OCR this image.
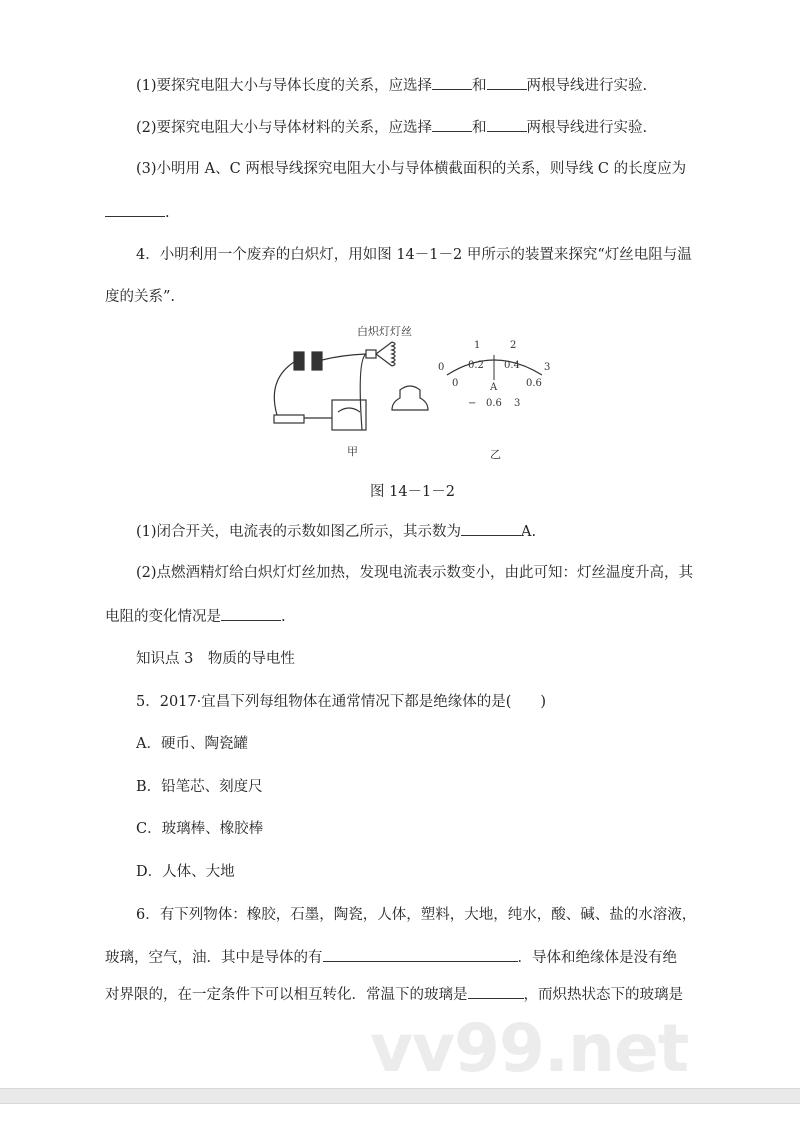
(1)要探究电阻大小与导体长度的关系，应选择	和	两根导线进行实验.
(2)要探究电阻大小与导体材料的关系，应选择	和	两根导线进行实验.
(3)小明用 A、C 两根导线探究电阻大小与导体横截面积的关系，则导线 C 的长度应为
.
4．小明利用一个废弃的白炽灯，用如图 14－1－2 甲所示的装置来探究“灯丝电阻与温
度的关系”.
白炽灯灯丝
甲
0
1	2
3
0
0.2 0.4
0.6
A
− 0.6 3
乙
图 14－1－2
(1)闭合开关，电流表的示数如图乙所示，其示数为	A.
(2)点燃酒精灯给白炽灯灯丝加热，发现电流表示数变小，由此可知：灯丝温度升高，其
电阻的变化情况是	.
知识点 3　物质的导电性
5．2017·宜昌下列每组物体在通常情况下都是绝缘体的是(　　)
A．硬币、陶瓷罐
B．铅笔芯、刻度尺
C．玻璃棒、橡胶棒
D．人体、大地
6．有下列物体：橡胶，石墨，陶瓷，人体，塑料，大地，纯水，酸、碱、盐的水溶液，
玻璃，空气，油．其中是导体的有	．导体和绝缘体是没有绝
对界限的，在一定条件下可以相互转化．常温下的玻璃是	，而炽热状态下的玻璃是
vv99.net
